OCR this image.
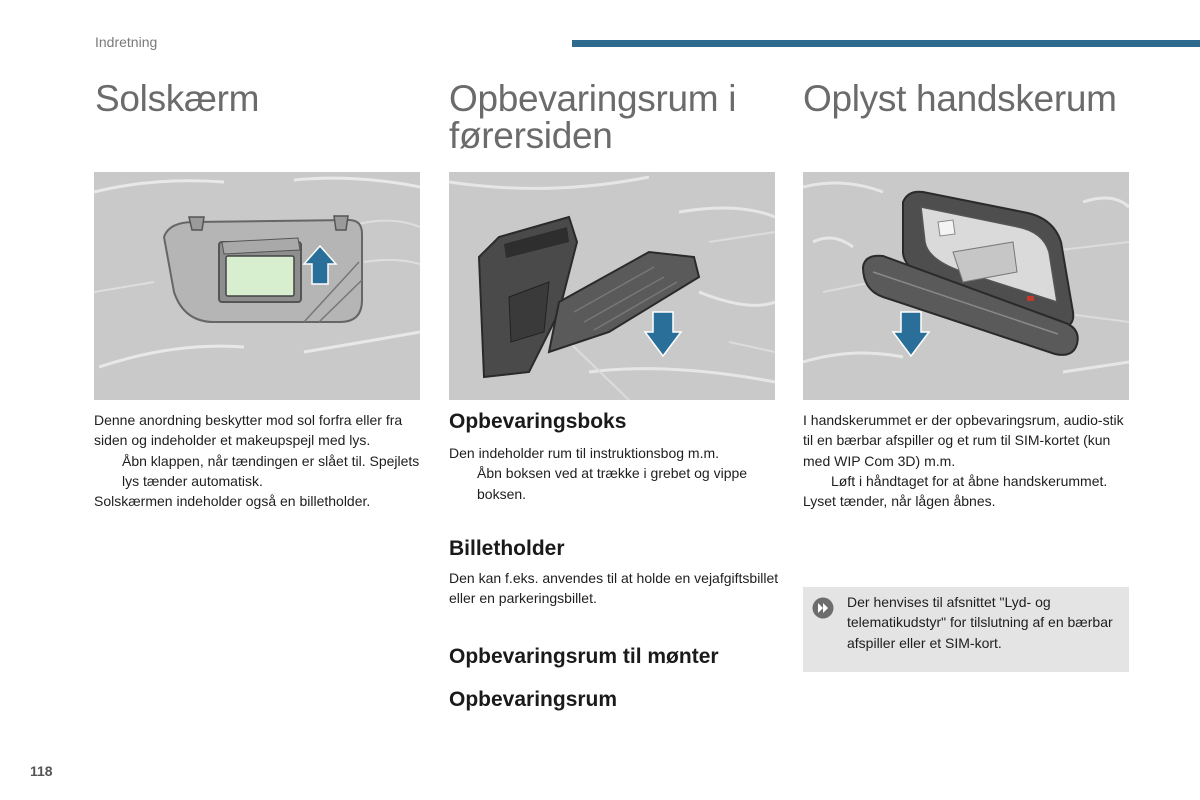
Indretning
Solskærm

Denne anordning beskytter mod sol forfra eller fra siden og indeholder et makeupspejl med lys.

Åbn klappen, når tændingen er slået til. Spejlets lys tænder automatisk.

Solskærmen indeholder også en billetholder.

Opbevaringsrum i
førersiden
Opbevaringsboks

Den indeholder rum til instruktionsbog m.m.

Åbn boksen ved at trække i grebet og vippe boksen.

Billetholder

Den kan f.eks. anvendes til at holde en vejafgiftsbillet eller en parkeringsbillet.

Opbevaringsrum til mønter
Opbevaringsrum
Oplyst handskerum

I handskerummet er der opbevaringsrum, audio-stik til en bærbar afspiller og et rum til SIM-kortet (kun med WIP Com 3D) m.m.

Løft i håndtaget for at åbne handskerummet.

Lyset tænder, når lågen åbnes.

Der henvises til afsnittet "Lyd- og telematikudstyr" for tilslutning af en bærbar afspiller eller et SIM-kort.
118
